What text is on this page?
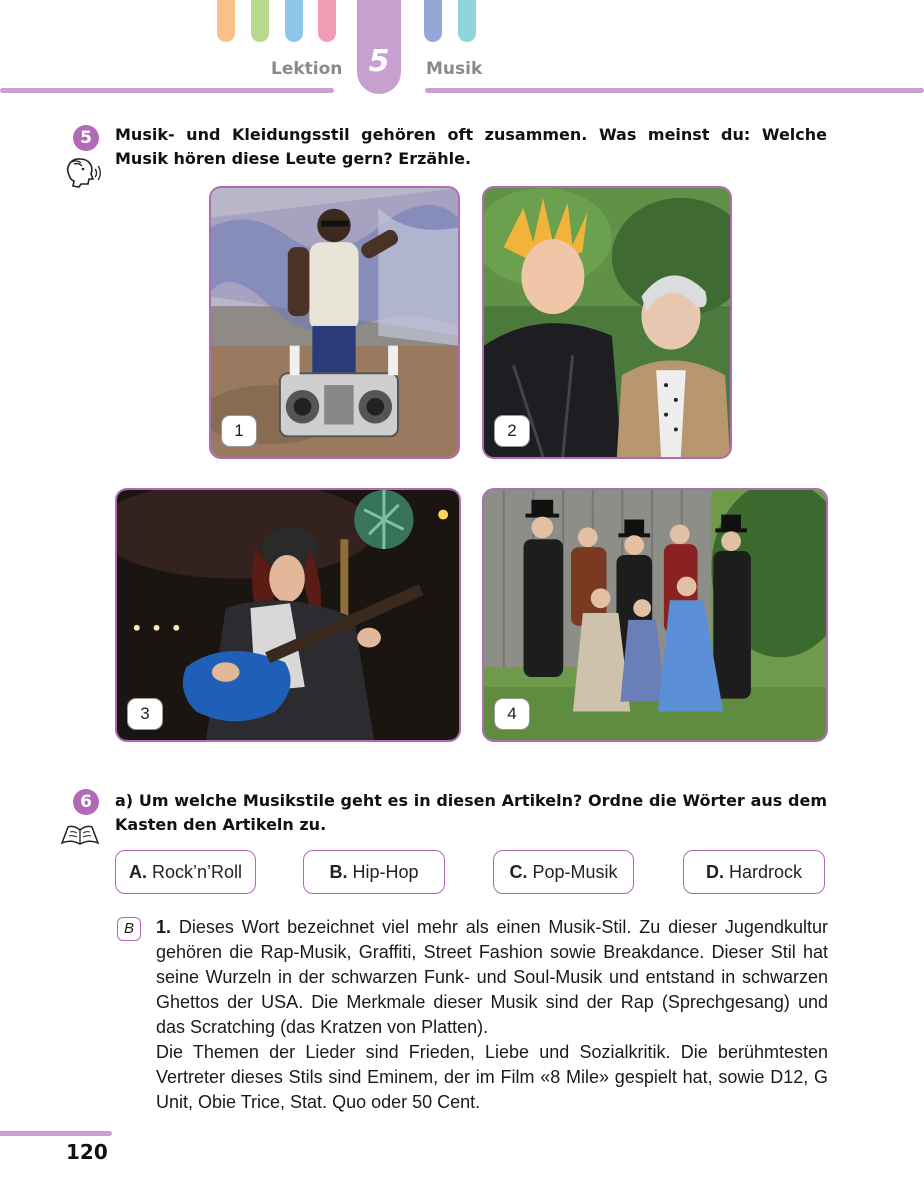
5
Lektion	Musik
5	Musik- und Kleidungsstil gehören oft zusammen. Was meinst du: Welche Musik hören diese Leute gern? Erzähle.
1	2
3	4
6	a) Um welche Musikstile geht es in diesen Artikeln? Ordne die Wörter aus dem Kasten den Artikeln zu.
A. Rock’n’Roll	B. Hip-Hop	C. Pop-Musik	D. Hardrock
B	1. Dieses Wort bezeichnet viel mehr als einen Musik-Stil. Zu dieser Jugendkultur gehören die Rap-Musik, Graffiti, Street Fashion sowie Breakdance. Dieser Stil hat seine Wurzeln in der schwarzen Funk- und Soul-Musik und entstand in schwarzen Ghettos der USA. Die Merkmale dieser Musik sind der Rap (Sprechgesang) und das Scratching (das Kratzen von Platten).

Die Themen der Lieder sind Frieden, Liebe und Sozialkritik. Die berühmtesten Vertreter dieses Stils sind Eminem, der im Film «8 Mile» gespielt hat, sowie D12, G Unit, Obie Trice, Stat. Quo oder 50 Cent.

120
